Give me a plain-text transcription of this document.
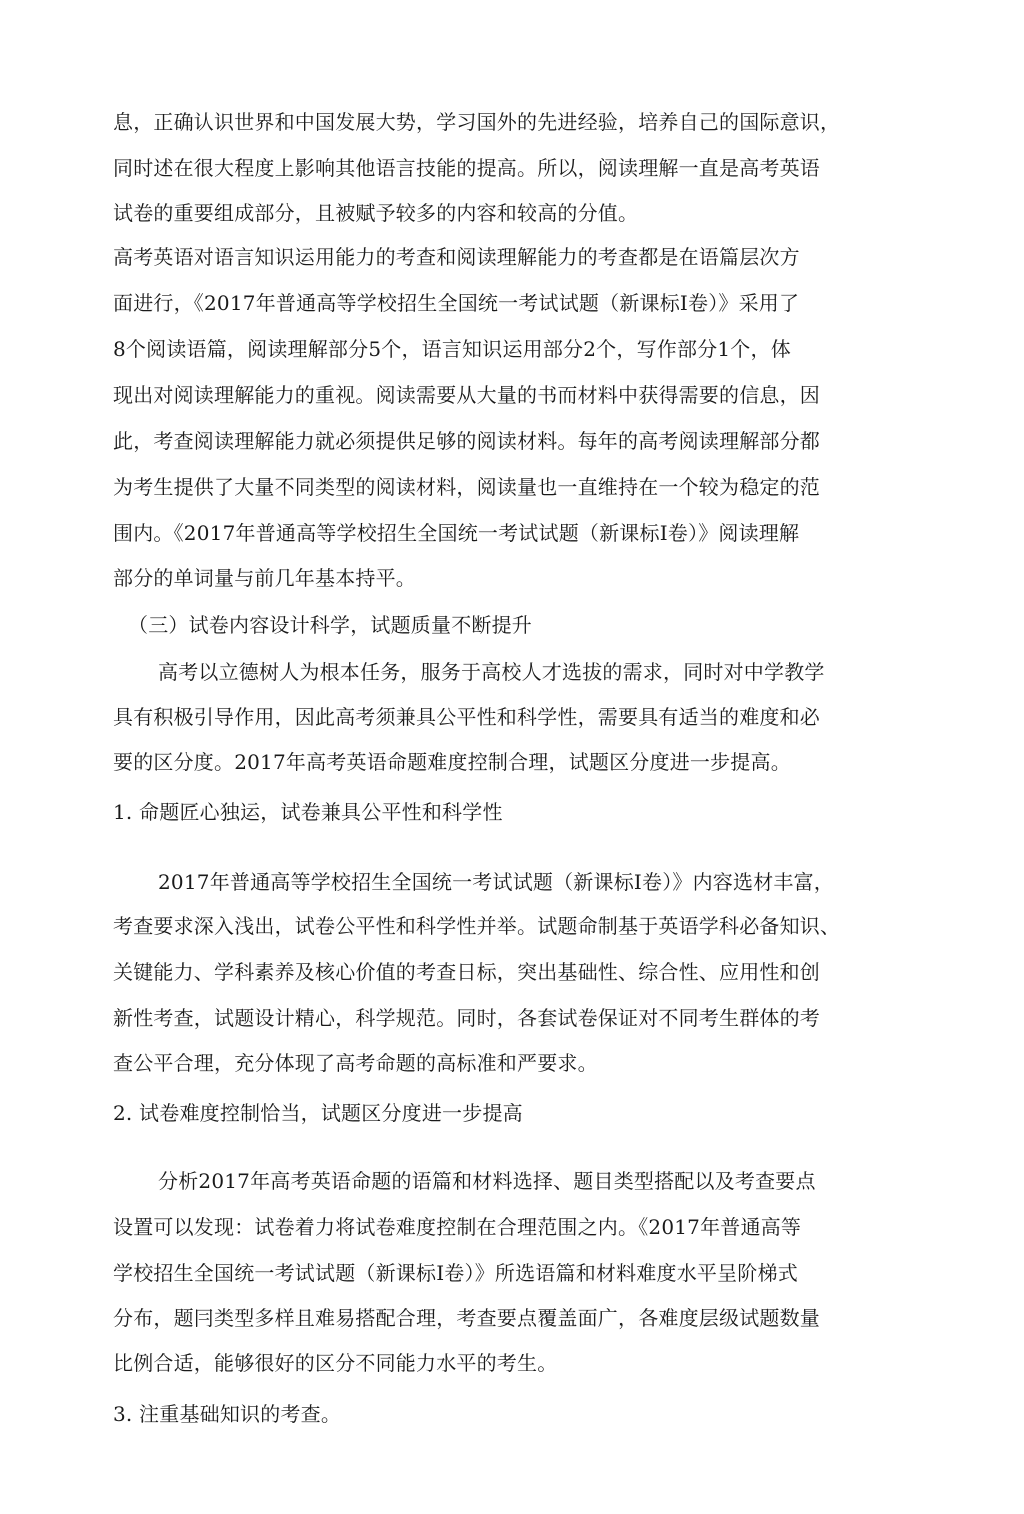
息，正确认识世界和中国发展大势，学习国外的先进经验，培养自己的国际意识，
同时述在很大程度上影响其他语言技能的提高。所以，阅读理解一直是高考英语
试卷的重要组成部分，且被赋予较多的内容和较高的分值。
高考英语对语言知识运用能力的考查和阅读理解能力的考查都是在语篇层次方
面进行，《2017年普通高等学校招生全国统一考试试题（新课标I卷）》采用了
8个阅读语篇，阅读理解部分5个，语言知识运用部分2个，写作部分1个，体
现出对阅读理解能力的重视。阅读需要从大量的书而材料中获得需要的信息，因
此，考查阅读理解能力就必须提供足够的阅读材料。每年的高考阅读理解部分都
为考生提供了大量不同类型的阅读材料，阅读量也一直维持在一个较为稳定的范
围内。《2017年普通高等学校招生全国统一考试试题（新课标I卷）》阅读理解
部分的单词量与前几年基本持平。
（三）试卷内容设计科学，试题质量不断提升
高考以立德树人为根本任务，服务于高校人才选拔的需求，同时对中学教学
具有积极引导作用，因此高考须兼具公平性和科学性，需要具有适当的难度和必
要的区分度。2017年高考英语命题难度控制合理，试题区分度进一步提高。
1. 命题匠心独运，试卷兼具公平性和科学性
2017年普通高等学校招生全国统一考试试题（新课标I卷）》内容选材丰富，
考查要求深入浅出，试卷公平性和科学性并举。试题命制基于英语学科必备知识、
关键能力、学科素养及核心价值的考查日标，突出基础性、综合性、应用性和创
新性考查，试题设计精心，科学规范。同时，各套试卷保证对不同考生群体的考
查公平合理，充分体现了高考命题的高标准和严要求。
2. 试卷难度控制恰当，试题区分度进一步提高
分析2017年高考英语命题的语篇和材料选择、题目类型搭配以及考查要点
设置可以发现：试卷着力将试卷难度控制在合理范围之内。《2017年普通高等
学校招生全国统一考试试题（新课标I卷）》所选语篇和材料难度水平呈阶梯式
分布，题冃类型多样且难易搭配合理，考查要点覆盖面广，各难度层级试题数量
比例合适，能够很好的区分不同能力水平的考生。
3. 注重基础知识的考查。
